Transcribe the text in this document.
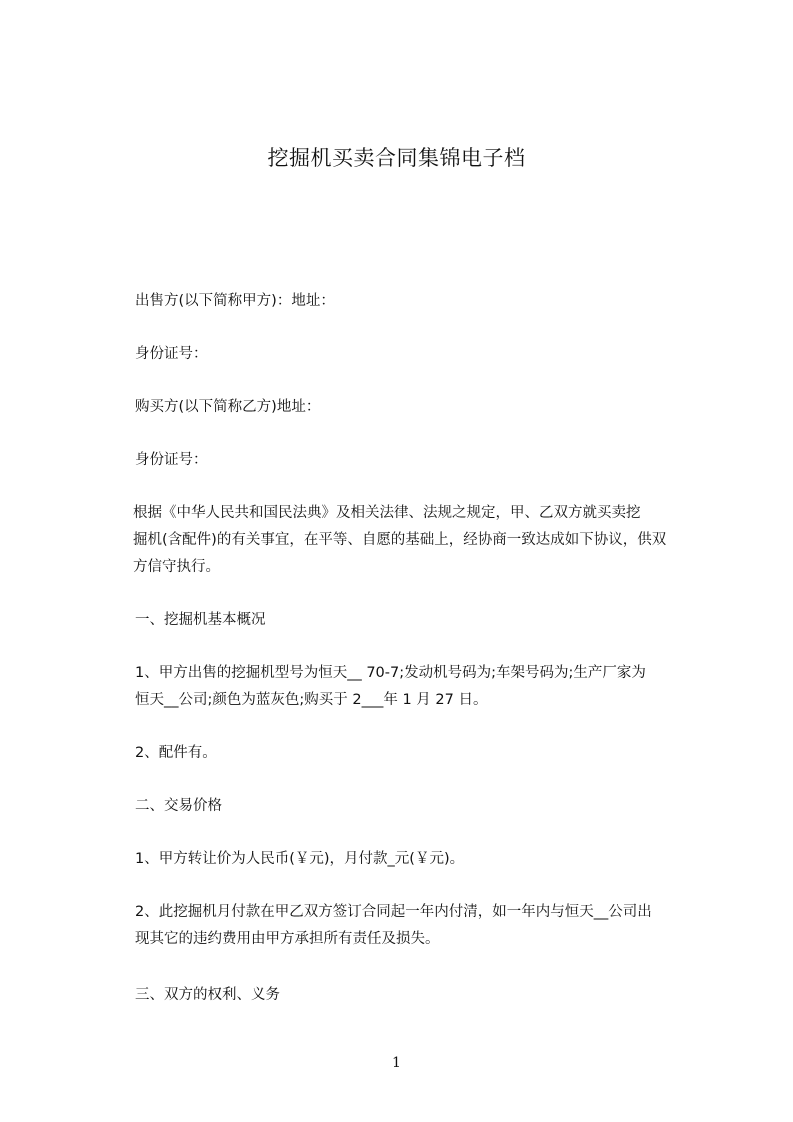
挖掘机买卖合同集锦电子档

出售方(以下简称甲方)：地址：

身份证号：

购买方(以下简称乙方)地址：

身份证号：

根据《中华人民共和国民法典》及相关法律、法规之规定，甲、乙双方就买卖挖
掘机(含配件)的有关事宜，在平等、自愿的基础上，经协商一致达成如下协议，供双
方信守执行。

一、挖掘机基本概况

1、甲方出售的挖掘机型号为恒天__ 70-7;发动机号码为;车架号码为;生产厂家为
恒天__公司;颜色为蓝灰色;购买于 2___年 1 月 27 日。

2、配件有。

二、交易价格

1、甲方转让价为人民币(￥元)，月付款_元(￥元)。

2、此挖掘机月付款在甲乙双方签订合同起一年内付清，如一年内与恒天__公司出
现其它的违约费用由甲方承担所有责任及损失。

三、双方的权利、义务

1
